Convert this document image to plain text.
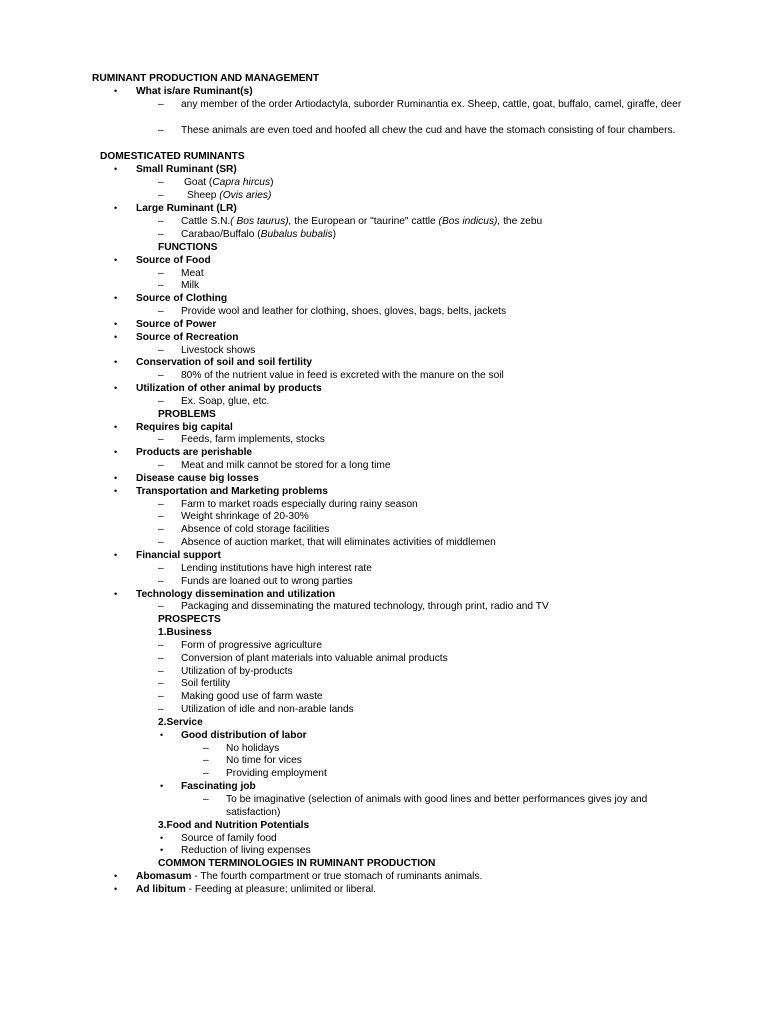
RUMINANT PRODUCTION AND MANAGEMENT
• What is/are Ruminant(s)
– any member of the order Artiodactyla, suborder Ruminantia ex. Sheep, cattle, goat, buffalo, camel, giraffe, deer
– These animals are even toed and hoofed all chew the cud and have the stomach consisting of four chambers.
DOMESTICATED RUMINANTS
• Small Ruminant (SR)
– Goat (Capra hircus)
– Sheep (Ovis aries)
• Large Ruminant (LR)
– Cattle S.N.( Bos taurus), the European or "taurine" cattle (Bos indicus), the zebu
– Carabao/Buffalo (Bubalus bubalis)
FUNCTIONS
• Source of Food
– Meat
– Milk
• Source of Clothing
– Provide wool and leather for clothing, shoes, gloves, bags, belts, jackets
• Source of Power
• Source of Recreation
– Livestock shows
• Conservation of soil and soil fertility
– 80% of the nutrient value in feed is excreted with the manure on the soil
• Utilization of other animal by products
– Ex. Soap, glue, etc.
PROBLEMS
• Requires big capital
– Feeds, farm implements, stocks
• Products are perishable
– Meat and milk cannot be stored for a long time
• Disease cause big losses
• Transportation and Marketing problems
– Farm to market roads especially during rainy season
– Weight shrinkage of 20-30%
– Absence of cold storage facilities
– Absence of auction market, that will eliminates activities of middlemen
• Financial support
– Lending institutions have high interest rate
– Funds are loaned out to wrong parties
• Technology dissemination and utilization
– Packaging and disseminating the matured technology, through print, radio and TV
PROSPECTS
1.Business
– Form of progressive agriculture
– Conversion of plant materials into valuable animal products
– Utilization of by-products
– Soil fertility
– Making good use of farm waste
– Utilization of idle and non-arable lands
2.Service
• Good distribution of labor
– No holidays
– No time for vices
– Providing employment
• Fascinating job
– To be imaginative (selection of animals with good lines and better performances gives joy and satisfaction)
3.Food and Nutrition Potentials
• Source of family food
• Reduction of living expenses
COMMON TERMINOLOGIES IN RUMINANT PRODUCTION
• Abomasum - The fourth compartment or true stomach of ruminants animals.
• Ad libitum - Feeding at pleasure; unlimited or liberal.
